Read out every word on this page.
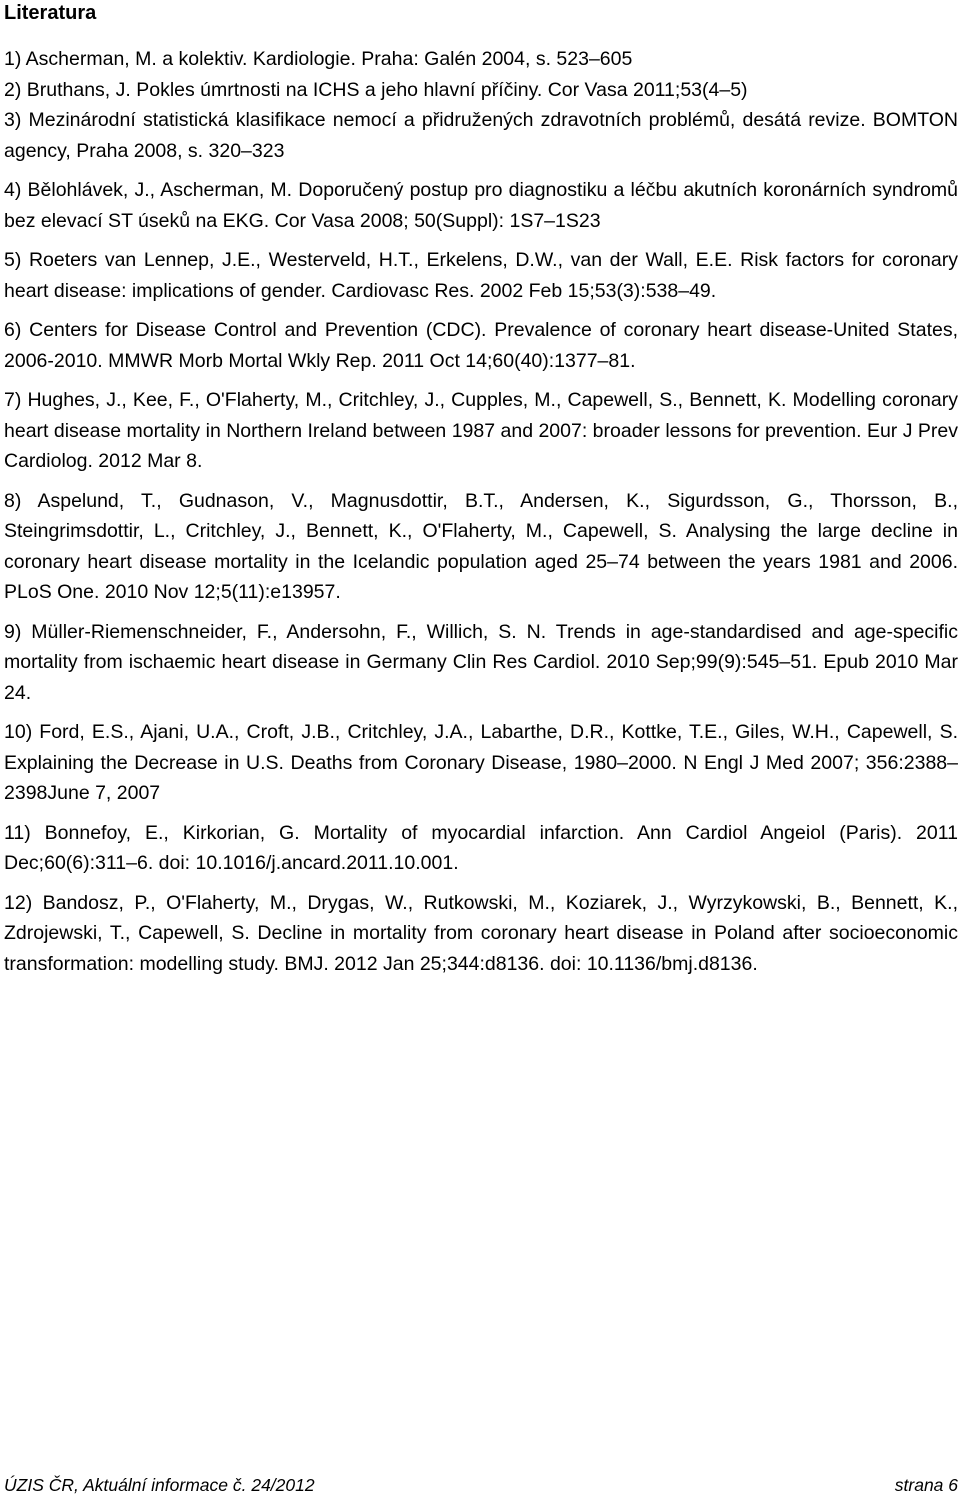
Literatura
1) Ascherman, M. a kolektiv. Kardiologie. Praha: Galén 2004, s. 523–605
2) Bruthans, J. Pokles úmrtnosti na ICHS a jeho hlavní příčiny. Cor Vasa 2011;53(4–5)
3) Mezinárodní statistická klasifikace nemocí a přidružených zdravotních problémů, desátá revize. BOMTON agency, Praha 2008, s. 320–323
4) Bělohlávek, J., Ascherman, M. Doporučený postup pro diagnostiku a léčbu akutních koronárních syndromů bez elevací ST úseků na EKG. Cor Vasa 2008; 50(Suppl): 1S7–1S23
5) Roeters van Lennep, J.E., Westerveld, H.T., Erkelens, D.W., van der Wall, E.E. Risk factors for coronary heart disease: implications of gender. Cardiovasc Res. 2002 Feb 15;53(3):538–49.
6) Centers for Disease Control and Prevention (CDC). Prevalence of coronary heart disease-United States, 2006-2010. MMWR Morb Mortal Wkly Rep. 2011 Oct 14;60(40):1377–81.
7) Hughes, J., Kee, F., O'Flaherty, M., Critchley, J., Cupples, M., Capewell, S., Bennett, K. Modelling coronary heart disease mortality in Northern Ireland between 1987 and 2007: broader lessons for prevention. Eur J Prev Cardiolog. 2012 Mar 8.
8) Aspelund, T., Gudnason, V., Magnusdottir, B.T., Andersen, K., Sigurdsson, G., Thorsson, B., Steingrimsdottir, L., Critchley, J., Bennett, K., O'Flaherty, M., Capewell, S. Analysing the large decline in coronary heart disease mortality in the Icelandic population aged 25–74 between the years 1981 and 2006. PLoS One. 2010 Nov 12;5(11):e13957.
9) Müller-Riemenschneider, F., Andersohn, F., Willich, S. N. Trends in age-standardised and age-specific mortality from ischaemic heart disease in Germany Clin Res Cardiol. 2010 Sep;99(9):545–51. Epub 2010 Mar 24.
10) Ford, E.S., Ajani, U.A., Croft, J.B., Critchley, J.A., Labarthe, D.R., Kottke, T.E., Giles, W.H., Capewell, S. Explaining the Decrease in U.S. Deaths from Coronary Disease, 1980–2000. N Engl J Med 2007; 356:2388–2398June 7, 2007
11) Bonnefoy, E., Kirkorian, G. Mortality of myocardial infarction. Ann Cardiol Angeiol (Paris). 2011 Dec;60(6):311–6. doi: 10.1016/j.ancard.2011.10.001.
12) Bandosz, P., O'Flaherty, M., Drygas, W., Rutkowski, M., Koziarek, J., Wyrzykowski, B., Bennett, K., Zdrojewski, T., Capewell, S. Decline in mortality from coronary heart disease in Poland after socioeconomic transformation: modelling study. BMJ. 2012 Jan 25;344:d8136. doi: 10.1136/bmj.d8136.
ÚZIS ČR, Aktuální informace č. 24/2012	strana 6
